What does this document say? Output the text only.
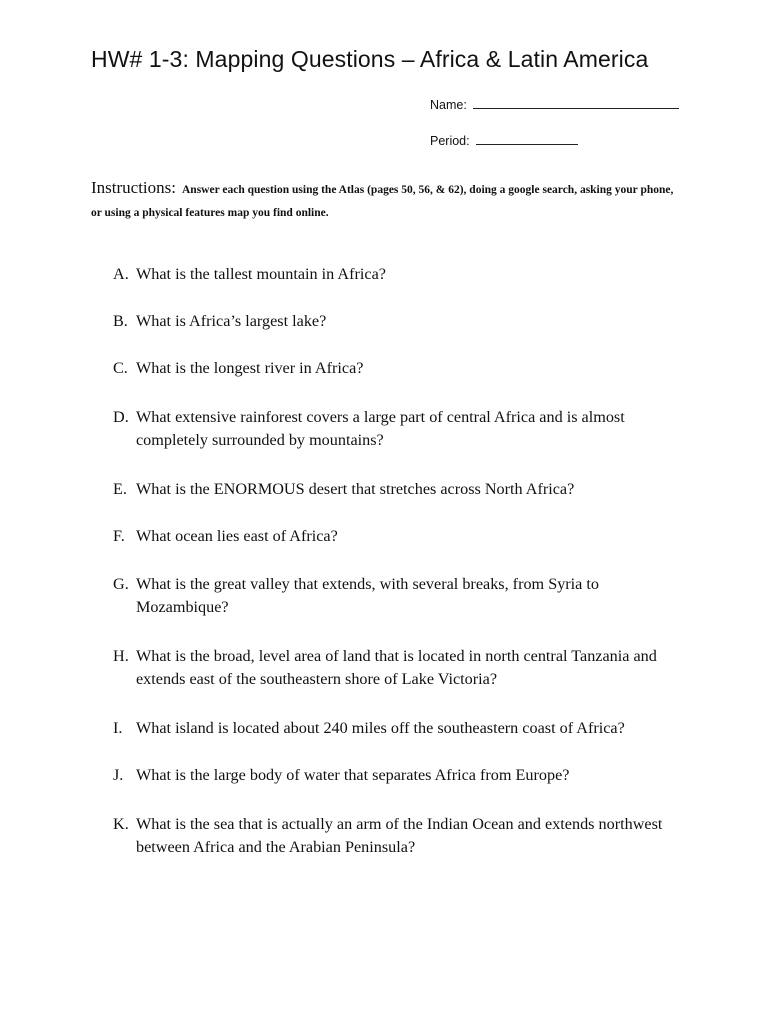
HW# 1-3: Mapping Questions – Africa & Latin America
Name:
Period:
Instructions: Answer each question using the Atlas (pages 50, 56, & 62), doing a google search, asking your phone, or using a physical features map you find online.
A. What is the tallest mountain in Africa?
B. What is Africa’s largest lake?
C. What is the longest river in Africa?
D. What extensive rainforest covers a large part of central Africa and is almost completely surrounded by mountains?
E. What is the ENORMOUS desert that stretches across North Africa?
F. What ocean lies east of Africa?
G. What is the great valley that extends, with several breaks, from Syria to Mozambique?
H. What is the broad, level area of land that is located in north central Tanzania and extends east of the southeastern shore of Lake Victoria?
I. What island is located about 240 miles off the southeastern coast of Africa?
J. What is the large body of water that separates Africa from Europe?
K. What is the sea that is actually an arm of the Indian Ocean and extends northwest between Africa and the Arabian Peninsula?
